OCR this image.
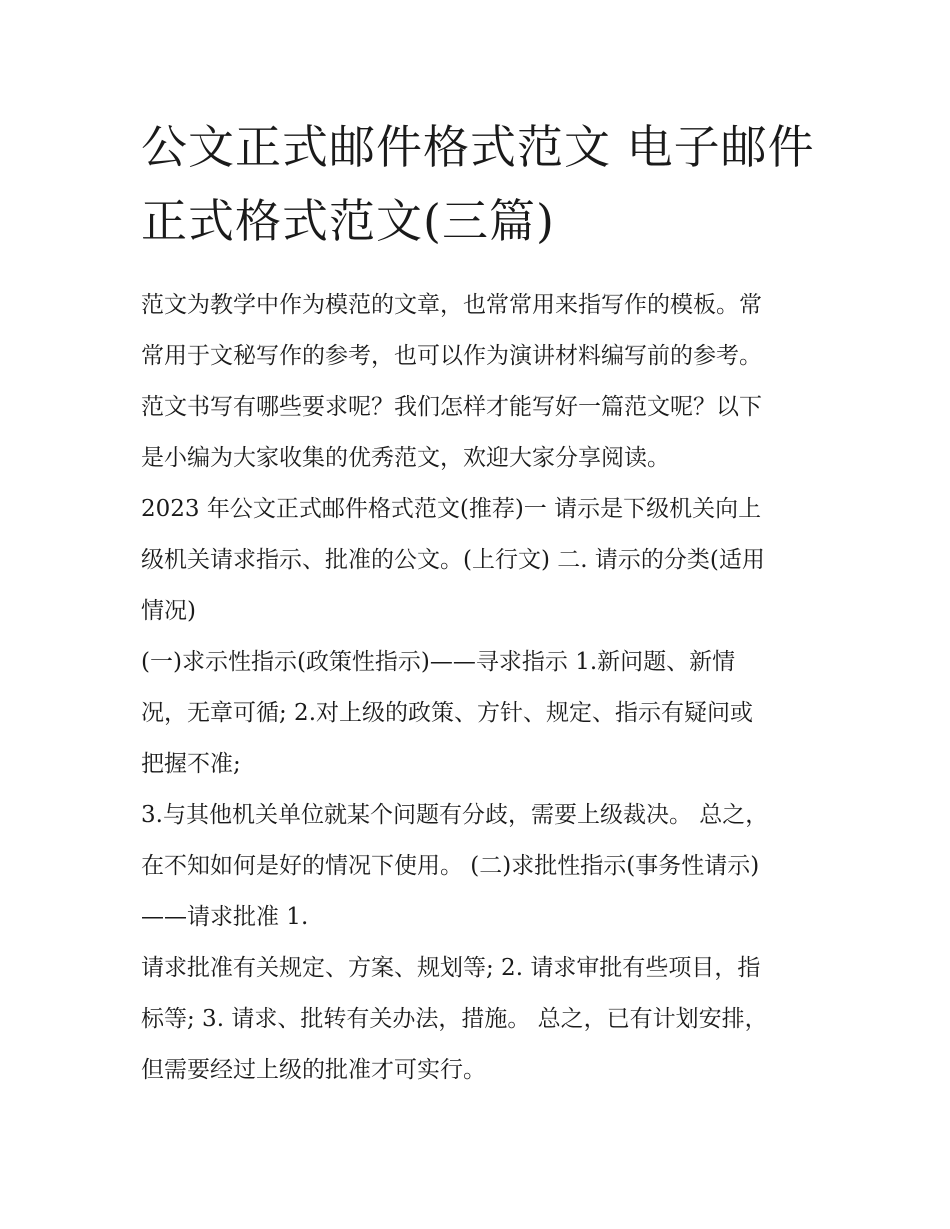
公文正式邮件格式范文 电子邮件正式格式范文(三篇)

范文为教学中作为模范的文章，也常常用来指写作的模板。常
常用于文秘写作的参考，也可以作为演讲材料编写前的参考。
范文书写有哪些要求呢？我们怎样才能写好一篇范文呢？以下
是小编为大家收集的优秀范文，欢迎大家分享阅读。

2023 年公文正式邮件格式范文(推荐)一 请示是下级机关向上
级机关请求指示、批准的公文。(上行文) 二. 请示的分类(适用
情况)

(一)求示性指示(政策性指示)——寻求指示 1.新问题、新情
况，无章可循; 2.对上级的政策、方针、规定、指示有疑问或
把握不准;

3.与其他机关单位就某个问题有分歧，需要上级裁决。 总之，
在不知如何是好的情况下使用。 (二)求批性指示(事务性请示)
——请求批准 1.

请求批准有关规定、方案、规划等; 2. 请求审批有些项目，指
标等; 3. 请求、批转有关办法，措施。 总之，已有计划安排，
但需要经过上级的批准才可实行。
